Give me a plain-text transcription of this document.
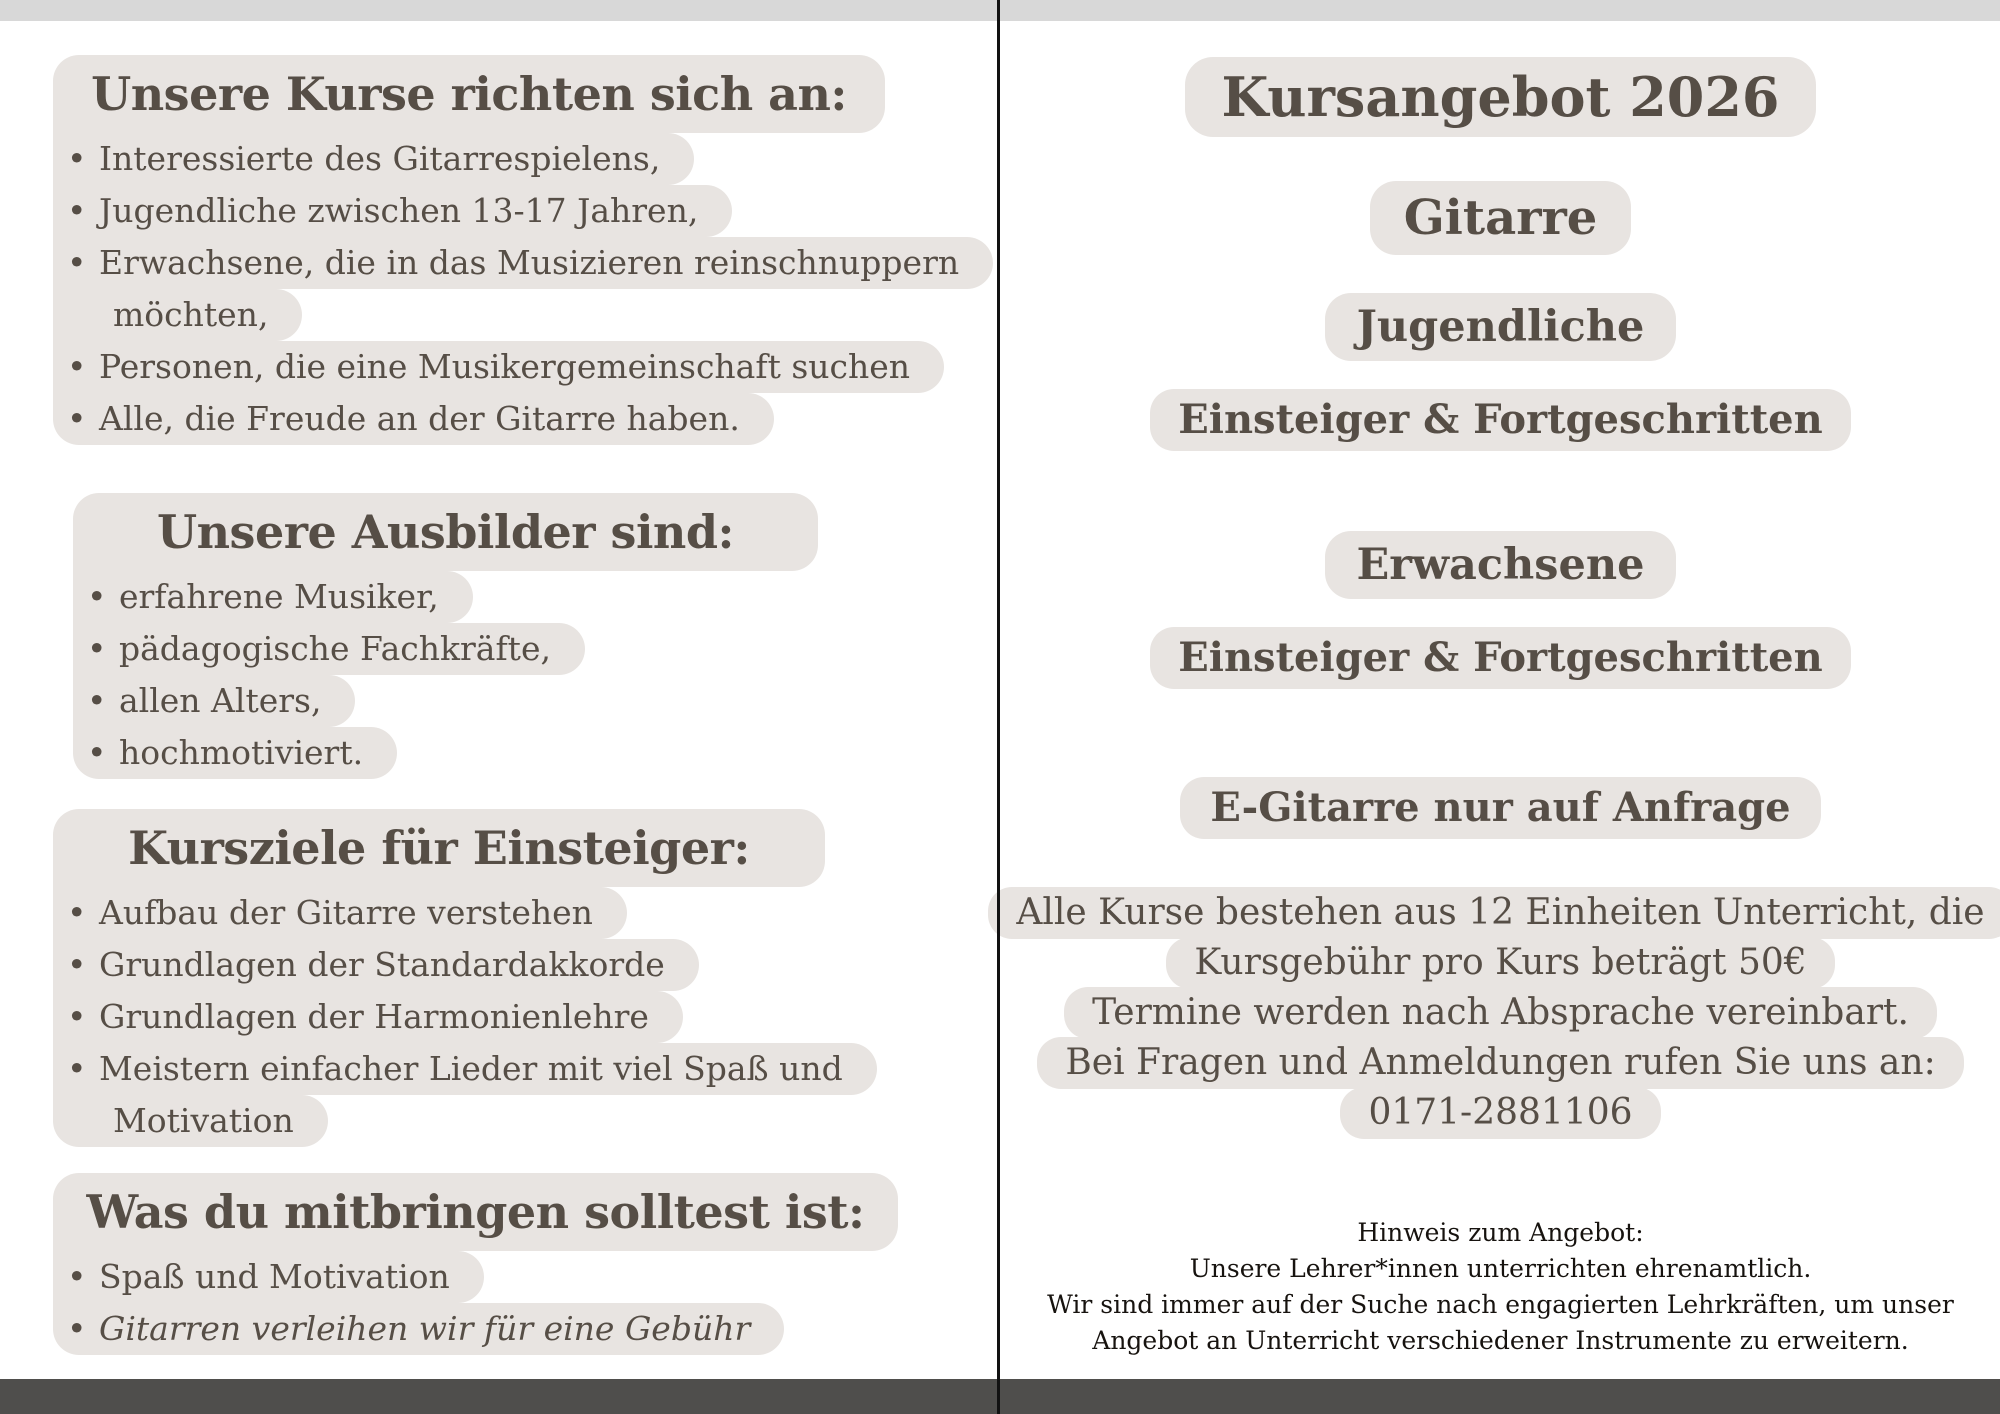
Unsere Kurse richten sich an:
• Interessierte des Gitarrespielens,
• Jugendliche zwischen 13-17 Jahren,
• Erwachsene, die in das Musizieren reinschnuppern
möchten,
• Personen, die eine Musikergemeinschaft suchen
• Alle, die Freude an der Gitarre haben.
Unsere Ausbilder sind:
• erfahrene Musiker,
• pädagogische Fachkräfte,
• allen Alters,
• hochmotiviert.
Kursziele für Einsteiger:
• Aufbau der Gitarre verstehen
• Grundlagen der Standardakkorde
• Grundlagen der Harmonienlehre
• Meistern einfacher Lieder mit viel Spaß und
Motivation
Was du mitbringen solltest ist:
• Spaß und Motivation
• Gitarren verleihen wir für eine Gebühr
Kursangebot 2026
Gitarre
Jugendliche
Einsteiger & Fortgeschritten
Erwachsene
Einsteiger & Fortgeschritten
E-Gitarre nur auf Anfrage
Alle Kurse bestehen aus 12 Einheiten Unterricht, die
Kursgebühr pro Kurs beträgt 50€
Termine werden nach Absprache vereinbart.
Bei Fragen und Anmeldungen rufen Sie uns an:
0171-2881106
Hinweis zum Angebot:
Unsere Lehrer*innen unterrichten ehrenamtlich.
Wir sind immer auf der Suche nach engagierten Lehrkräften, um unser
Angebot an Unterricht verschiedener Instrumente zu erweitern.
